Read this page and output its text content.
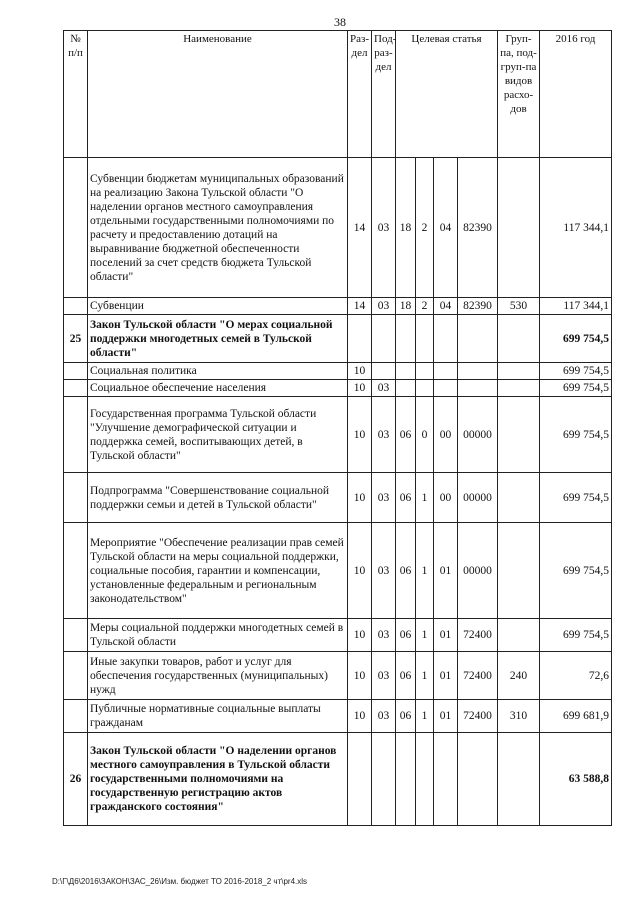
38
№ п/п	Наименование	Раз-дел	Под-раз-дел	Целевая статья				Груп-па, под-груп-па видов расхо-дов	2016 год
	Субвенции бюджетам муниципальных образований на реализацию Закона Тульской области "О наделении органов местного самоуправления отдельными государственными полномочиями по расчету и предоставлению дотаций на выравнивание бюджетной обеспеченности поселений за счет средств бюджета Тульской области"	14	03	18	2	04	82390		117 344,1
	Субвенции	14	03	18	2	04	82390	530	117 344,1
25	Закон Тульской области "О мерах социальной поддержки многодетных семей в Тульской области"								699 754,5
	Социальная политика	10							699 754,5
	Социальное обеспечение населения	10	03						699 754,5
	Государственная программа Тульской области "Улучшение демографической ситуации и поддержка семей, воспитывающих детей, в Тульской области"	10	03	06	0	00	00000		699 754,5
	Подпрограмма "Совершенствование социальной поддержки семьи и детей в Тульской области"	10	03	06	1	00	00000		699 754,5
	Мероприятие "Обеспечение реализации прав семей Тульской области на меры социальной поддержки, социальные пособия, гарантии и компенсации, установленные федеральным и региональным законодательством"	10	03	06	1	01	00000		699 754,5
	Меры социальной поддержки многодетных семей в Тульской области	10	03	06	1	01	72400		699 754,5
	Иные закупки товаров, работ и услуг для обеспечения государственных (муниципальных) нужд	10	03	06	1	01	72400	240	72,6
	Публичные нормативные социальные выплаты гражданам	10	03	06	1	01	72400	310	699 681,9
26	Закон Тульской области "О наделении органов местного самоуправления в Тульской области государственными полномочиями на государственную регистрацию актов гражданского состояния"								63 588,8
D:\Г\Д6\2016\ЗАКОН\ЗАС_26\Изм. бюджет ТО 2016-2018_2 чт\pr4.xls
